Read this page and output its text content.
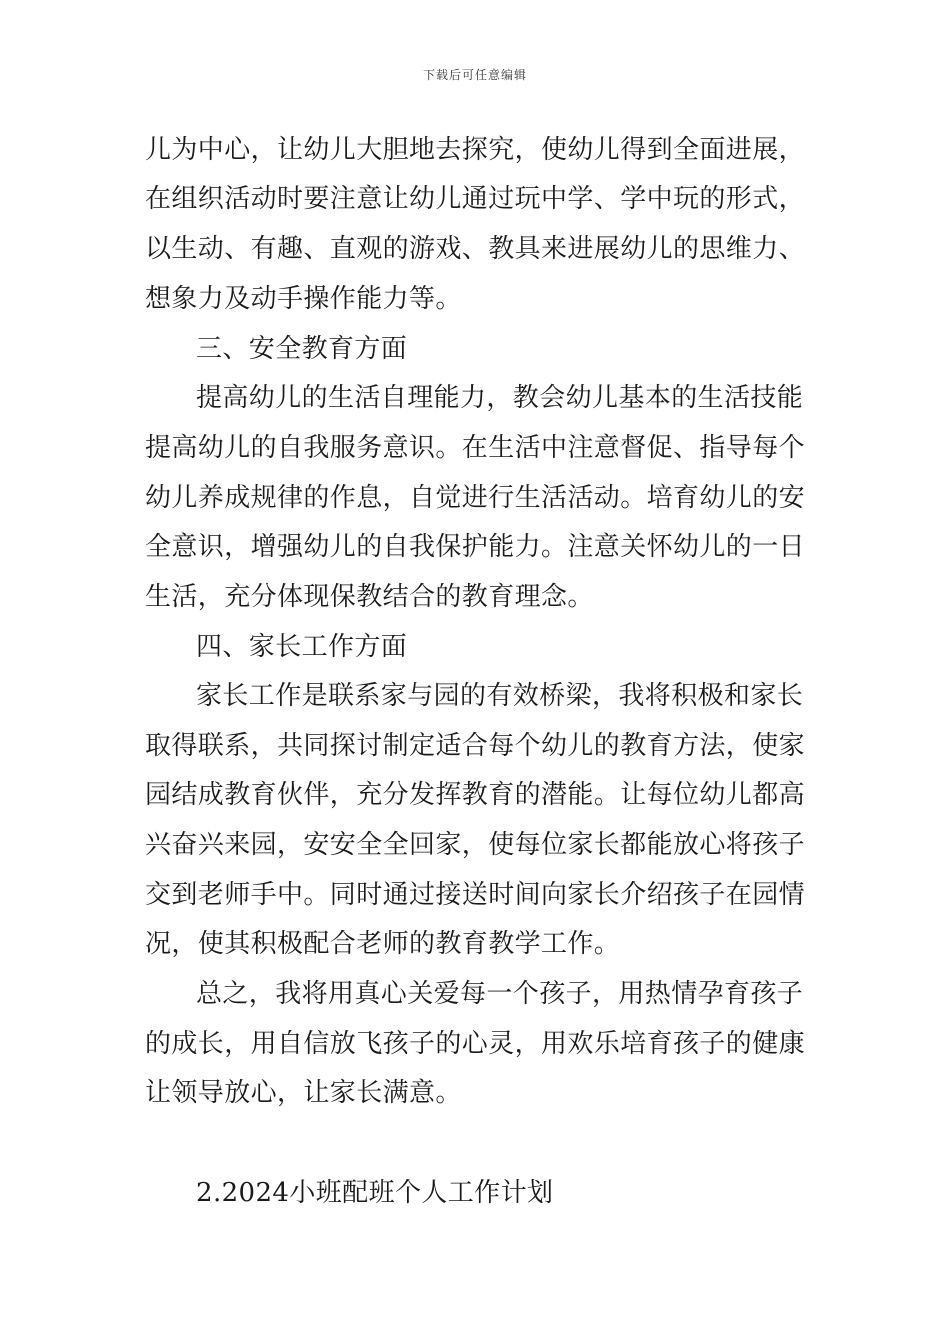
下载后可任意编辑
儿为中心，让幼儿大胆地去探究，使幼儿得到全面进展，
在组织活动时要注意让幼儿通过玩中学、学中玩的形式，
以生动、有趣、直观的游戏、教具来进展幼儿的思维力、
想象力及动手操作能力等。
三、安全教育方面
提高幼儿的生活自理能力，教会幼儿基本的生活技能
提高幼儿的自我服务意识。在生活中注意督促、指导每个
幼儿养成规律的作息，自觉进行生活活动。培育幼儿的安
全意识，增强幼儿的自我保护能力。注意关怀幼儿的一日
生活，充分体现保教结合的教育理念。
四、家长工作方面
家长工作是联系家与园的有效桥梁，我将积极和家长
取得联系，共同探讨制定适合每个幼儿的教育方法，使家
园结成教育伙伴，充分发挥教育的潜能。让每位幼儿都高
兴奋兴来园，安安全全回家，使每位家长都能放心将孩子
交到老师手中。同时通过接送时间向家长介绍孩子在园情
况，使其积极配合老师的教育教学工作。
总之，我将用真心关爱每一个孩子，用热情孕育孩子
的成长，用自信放飞孩子的心灵，用欢乐培育孩子的健康
让领导放心，让家长满意。
2.2024小班配班个人工作计划
